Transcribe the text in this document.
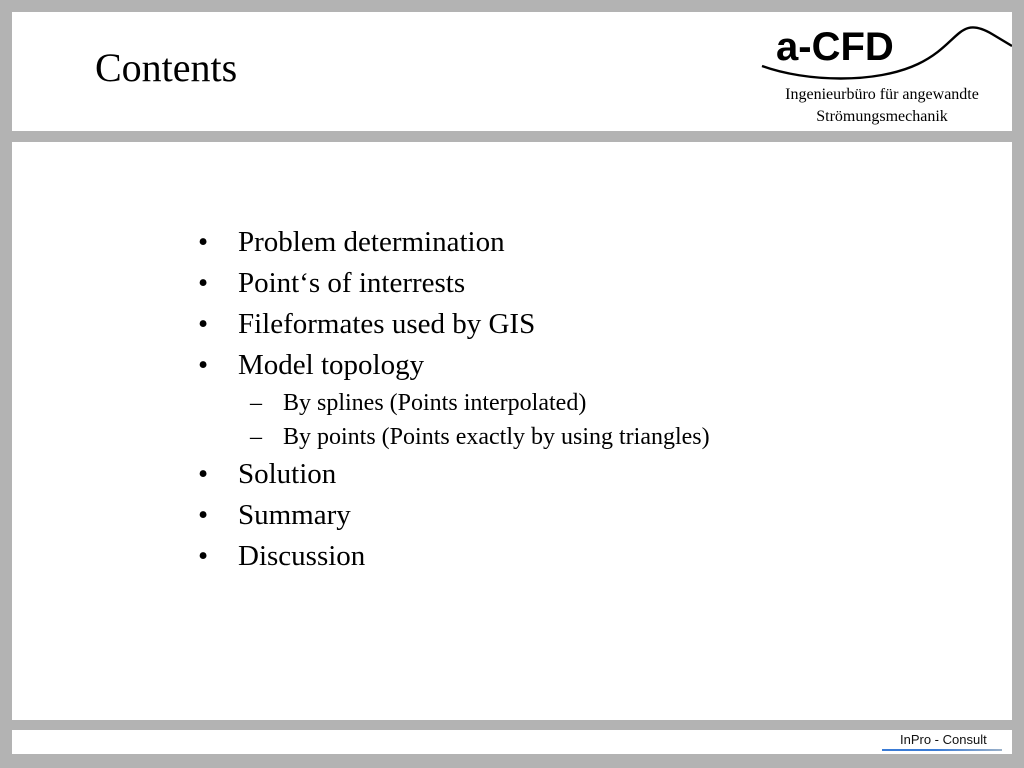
Contents	a-CFD
Ingenieurbüro für angewandte
Strömungsmechanik
•	Problem determination
•	Point‘s of interrests
•	Fileformates used by GIS
•	Model topology
– By splines (Points interpolated)
– By points (Points exactly by using triangles)
•	Solution
•	Summary
•	Discussion
InPro - Consult
